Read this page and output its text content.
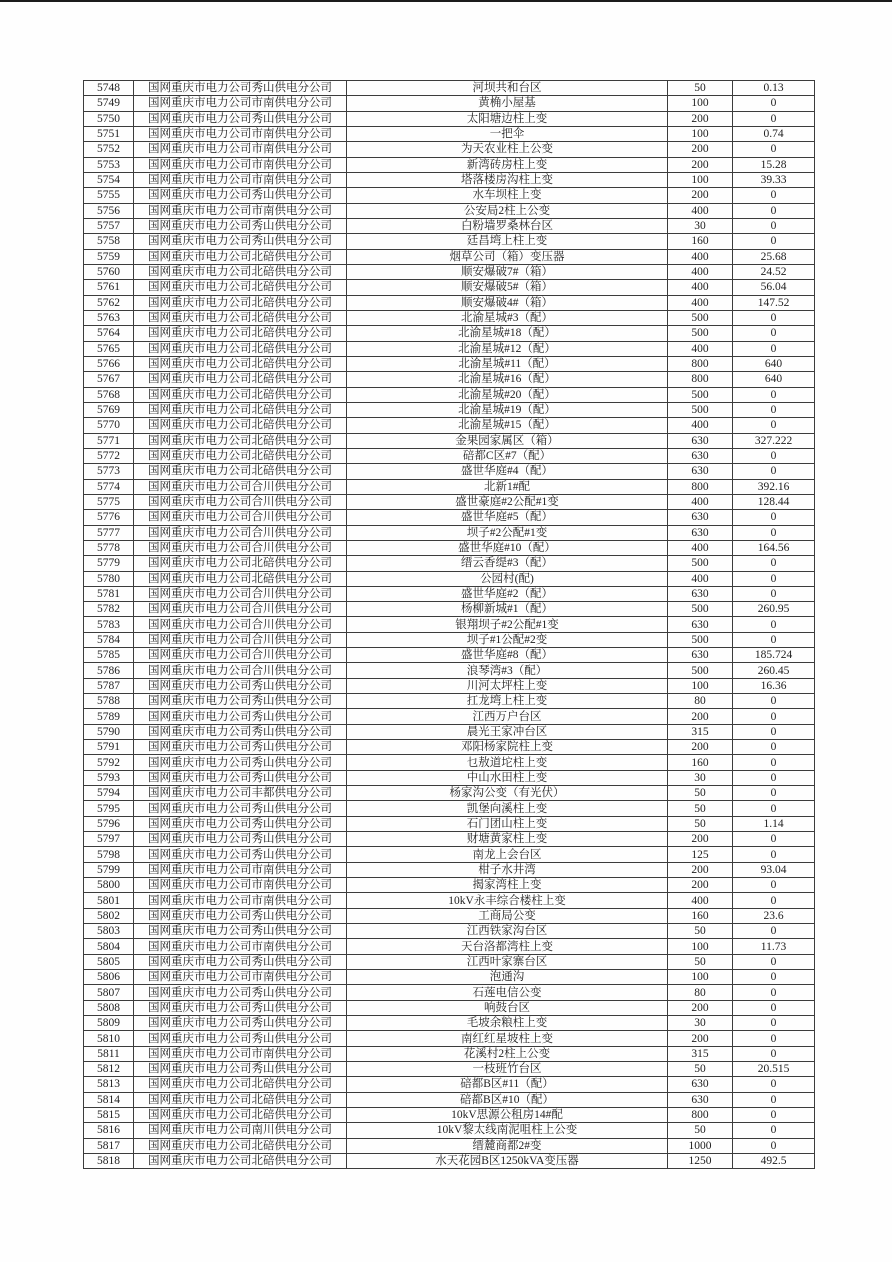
5748	国网重庆市电力公司秀山供电分公司	河坝共和台区	50	0.13
5749	国网重庆市电力公司市南供电分公司	黄桷小屋基	100	0
5750	国网重庆市电力公司秀山供电分公司	太阳塘边柱上变	200	0
5751	国网重庆市电力公司市南供电分公司	一把伞	100	0.74
5752	国网重庆市电力公司市南供电分公司	为天农业柱上公变	200	0
5753	国网重庆市电力公司市南供电分公司	新湾砖房柱上变	200	15.28
5754	国网重庆市电力公司市南供电分公司	塔落楼房沟柱上变	100	39.33
5755	国网重庆市电力公司秀山供电分公司	水车坝柱上变	200	0
5756	国网重庆市电力公司市南供电分公司	公安局2柱上公变	400	0
5757	国网重庆市电力公司秀山供电分公司	白粉墙罗桑林台区	30	0
5758	国网重庆市电力公司秀山供电分公司	廷昌塆上柱上变	160	0
5759	国网重庆市电力公司北碚供电分公司	烟草公司（箱）变压器	400	25.68
5760	国网重庆市电力公司北碚供电分公司	顺安爆破7#（箱）	400	24.52
5761	国网重庆市电力公司北碚供电分公司	顺安爆破5#（箱）	400	56.04
5762	国网重庆市电力公司北碚供电分公司	顺安爆破4#（箱）	400	147.52
5763	国网重庆市电力公司北碚供电分公司	北渝星城#3（配）	500	0
5764	国网重庆市电力公司北碚供电分公司	北渝星城#18（配）	500	0
5765	国网重庆市电力公司北碚供电分公司	北渝星城#12（配）	400	0
5766	国网重庆市电力公司北碚供电分公司	北渝星城#11（配）	800	640
5767	国网重庆市电力公司北碚供电分公司	北渝星城#16（配）	800	640
5768	国网重庆市电力公司北碚供电分公司	北渝星城#20（配）	500	0
5769	国网重庆市电力公司北碚供电分公司	北渝星城#19（配）	500	0
5770	国网重庆市电力公司北碚供电分公司	北渝星城#15（配）	400	0
5771	国网重庆市电力公司北碚供电分公司	金果园家属区（箱）	630	327.222
5772	国网重庆市电力公司北碚供电分公司	碚都C区#7（配）	630	0
5773	国网重庆市电力公司北碚供电分公司	盛世华庭#4（配）	630	0
5774	国网重庆市电力公司合川供电分公司	北新1#配	800	392.16
5775	国网重庆市电力公司合川供电分公司	盛世豪庭#2公配#1变	400	128.44
5776	国网重庆市电力公司合川供电分公司	盛世华庭#5（配）	630	0
5777	国网重庆市电力公司合川供电分公司	坝子#2公配#1变	630	0
5778	国网重庆市电力公司合川供电分公司	盛世华庭#10（配）	400	164.56
5779	国网重庆市电力公司北碚供电分公司	缙云香缇#3（配）	500	0
5780	国网重庆市电力公司北碚供电分公司	公园村(配)	400	0
5781	国网重庆市电力公司合川供电分公司	盛世华庭#2（配）	630	0
5782	国网重庆市电力公司合川供电分公司	杨柳新城#1（配）	500	260.95
5783	国网重庆市电力公司合川供电分公司	银翔坝子#2公配#1变	630	0
5784	国网重庆市电力公司合川供电分公司	坝子#1公配#2变	500	0
5785	国网重庆市电力公司合川供电分公司	盛世华庭#8（配）	630	185.724
5786	国网重庆市电力公司合川供电分公司	浪琴湾#3（配）	500	260.45
5787	国网重庆市电力公司秀山供电分公司	川河太坪柱上变	100	16.36
5788	国网重庆市电力公司秀山供电分公司	扛龙塆上柱上变	80	0
5789	国网重庆市电力公司秀山供电分公司	江西万户台区	200	0
5790	国网重庆市电力公司秀山供电分公司	晨光王家冲台区	315	0
5791	国网重庆市电力公司秀山供电分公司	邓阳杨家院柱上变	200	0
5792	国网重庆市电力公司秀山供电分公司	乜敖道坨柱上变	160	0
5793	国网重庆市电力公司秀山供电分公司	中山水田柱上变	30	0
5794	国网重庆市电力公司丰都供电分公司	杨家沟公变（有光伏）	50	0
5795	国网重庆市电力公司秀山供电分公司	凯堡向溪柱上变	50	0
5796	国网重庆市电力公司秀山供电分公司	石门团山柱上变	50	1.14
5797	国网重庆市电力公司秀山供电分公司	财塘黄家柱上变	200	0
5798	国网重庆市电力公司秀山供电分公司	南龙上会台区	125	0
5799	国网重庆市电力公司市南供电分公司	柑子水井湾	200	93.04
5800	国网重庆市电力公司市南供电分公司	揭家湾柱上变	200	0
5801	国网重庆市电力公司市南供电分公司	10kV永丰综合楼柱上变	400	0
5802	国网重庆市电力公司秀山供电分公司	工商局公变	160	23.6
5803	国网重庆市电力公司秀山供电分公司	江西铁家沟台区	50	0
5804	国网重庆市电力公司市南供电分公司	天台洛都湾柱上变	100	11.73
5805	国网重庆市电力公司秀山供电分公司	江西叶家寨台区	50	0
5806	国网重庆市电力公司市南供电分公司	泡通沟	100	0
5807	国网重庆市电力公司秀山供电分公司	石莲电信公变	80	0
5808	国网重庆市电力公司秀山供电分公司	响鼓台区	200	0
5809	国网重庆市电力公司秀山供电分公司	毛坡余粮柱上变	30	0
5810	国网重庆市电力公司秀山供电分公司	南红红星坡柱上变	200	0
5811	国网重庆市电力公司市南供电分公司	花溪村2柱上公变	315	0
5812	国网重庆市电力公司秀山供电分公司	一枝班竹台区	50	20.515
5813	国网重庆市电力公司北碚供电分公司	碚都B区#11（配）	630	0
5814	国网重庆市电力公司北碚供电分公司	碚都B区#10（配）	630	0
5815	国网重庆市电力公司北碚供电分公司	10kV思源公租房14#配	800	0
5816	国网重庆市电力公司南川供电分公司	10kV黎太线南泥咀柱上公变	50	0
5817	国网重庆市电力公司北碚供电分公司	缙麓商都2#变	1000	0
5818	国网重庆市电力公司北碚供电分公司	水天花园B区1250kVA变压器	1250	492.5
